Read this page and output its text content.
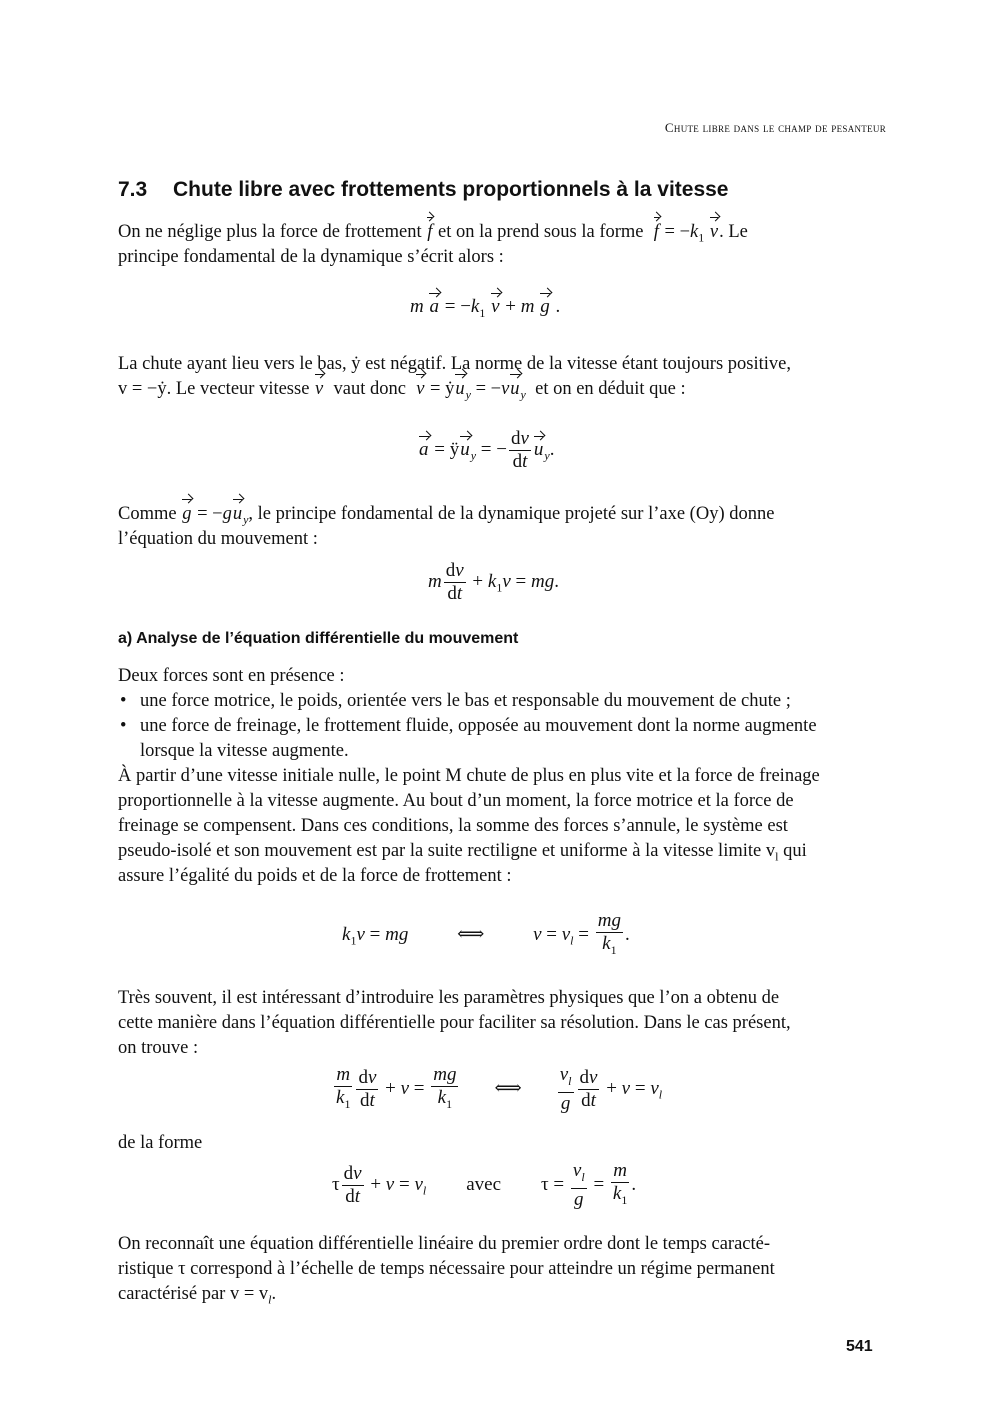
Chute libre dans le champ de pesanteur
7.3 Chute libre avec frottements proportionnels à la vitesse
On ne néglige plus la force de frottement f et on la prend sous la forme $f = -k_1$ v. Le
principe fondamental de la dynamique s’écrit alors :
m $a = -k_1$ v + m g .
La chute ayant lieu vers le bas, ẏ est négatif. La norme de la vitesse étant toujours positive,
v = −ẏ. Le vecteur vitesse v vaut donc v = ẏu$_y$ = $-vu_y$ et on en déduit que :
$a = ÿu_y$ = − $\frac{dv}{dt} u_y$.
Comme $g = -gu_y$, le principe fondamental de la dynamique projeté sur l’axe (Oy) donne
l’équation du mouvement :
m $\frac{dv}{dt} + k_1v$ = mg.
a) Analyse de l’équation différentielle du mouvement
Deux forces sont en présence :
• une force motrice, le poids, orientée vers le bas et responsable du mouvement de chute ;
• une force de freinage, le frottement fluide, opposée au mouvement dont la norme augmente
lorsque la vitesse augmente.
À partir d’une vitesse initiale nulle, le point M chute de plus en plus vite et la force de freinage
proportionnelle à la vitesse augmente. Au bout d’un moment, la force motrice et la force de
freinage se compensent. Dans ces conditions, la somme des forces s’annule, le système est
pseudo-isolé et son mouvement est par la suite rectiligne et uniforme à la vitesse limite $v_l$ qui
assure l’égalité du poids et de la force de frottement :
$k_1v$ = mg	⟺	$v = v_l = \frac{mg}{k_1}$ .
Très souvent, il est intéressant d’introduire les paramètres physiques que l’on a obtenu de
cette manière dans l’équation différentielle pour faciliter sa résolution. Dans le cas présent,
on trouve :
$\frac{m}{k_1} \frac{dv}{dt} + v = \frac{mg}{k_1}$ ⟺ $\frac{v_l}{g} \frac{dv}{dt} + v = v_l$
de la forme
τ $\frac{dv}{dt} + v = v_l$ avec $\tau = \frac{v_l}{g} = \frac{m}{k_1}$ .
On reconnaît une équation différentielle linéaire du premier ordre dont le temps caracté-
ristique τ correspond à l’échelle de temps nécessaire pour atteindre un régime permanent
caractérisé par $v = v_l$.
541
